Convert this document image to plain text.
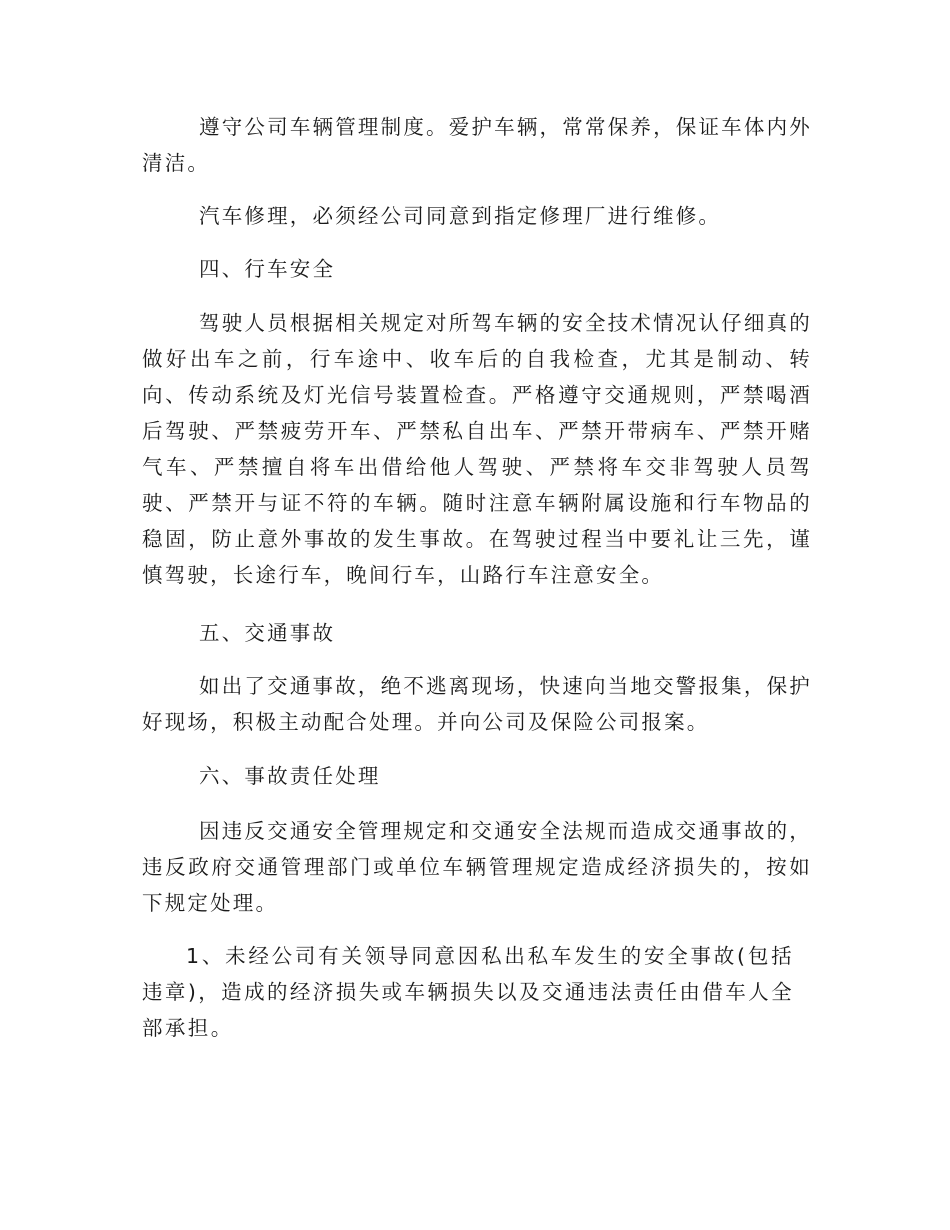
遵守公司车辆管理制度。爱护车辆，常常保养，保证车体内外清洁。

汽车修理，必须经公司同意到指定修理厂进行维修。

四、行车安全

驾驶人员根据相关规定对所驾车辆的安全技术情况认仔细真的做好出车之前，行车途中、收车后的自我检查，尤其是制动、转向、传动系统及灯光信号装置检查。严格遵守交通规则，严禁喝酒后驾驶、严禁疲劳开车、严禁私自出车、严禁开带病车、严禁开赌气车、严禁擅自将车出借给他人驾驶、严禁将车交非驾驶人员驾驶、严禁开与证不符的车辆。随时注意车辆附属设施和行车物品的稳固，防止意外事故的发生事故。在驾驶过程当中要礼让三先，谨慎驾驶，长途行车，晚间行车，山路行车注意安全。

五、交通事故

如出了交通事故，绝不逃离现场，快速向当地交警报集，保护好现场，积极主动配合处理。并向公司及保险公司报案。

六、事故责任处理

因违反交通安全管理规定和交通安全法规而造成交通事故的，违反政府交通管理部门或单位车辆管理规定造成经济损失的，按如下规定处理。

1、未经公司有关领导同意因私出私车发生的安全事故(包括违章)，造成的经济损失或车辆损失以及交通违法责任由借车人全部承担。
